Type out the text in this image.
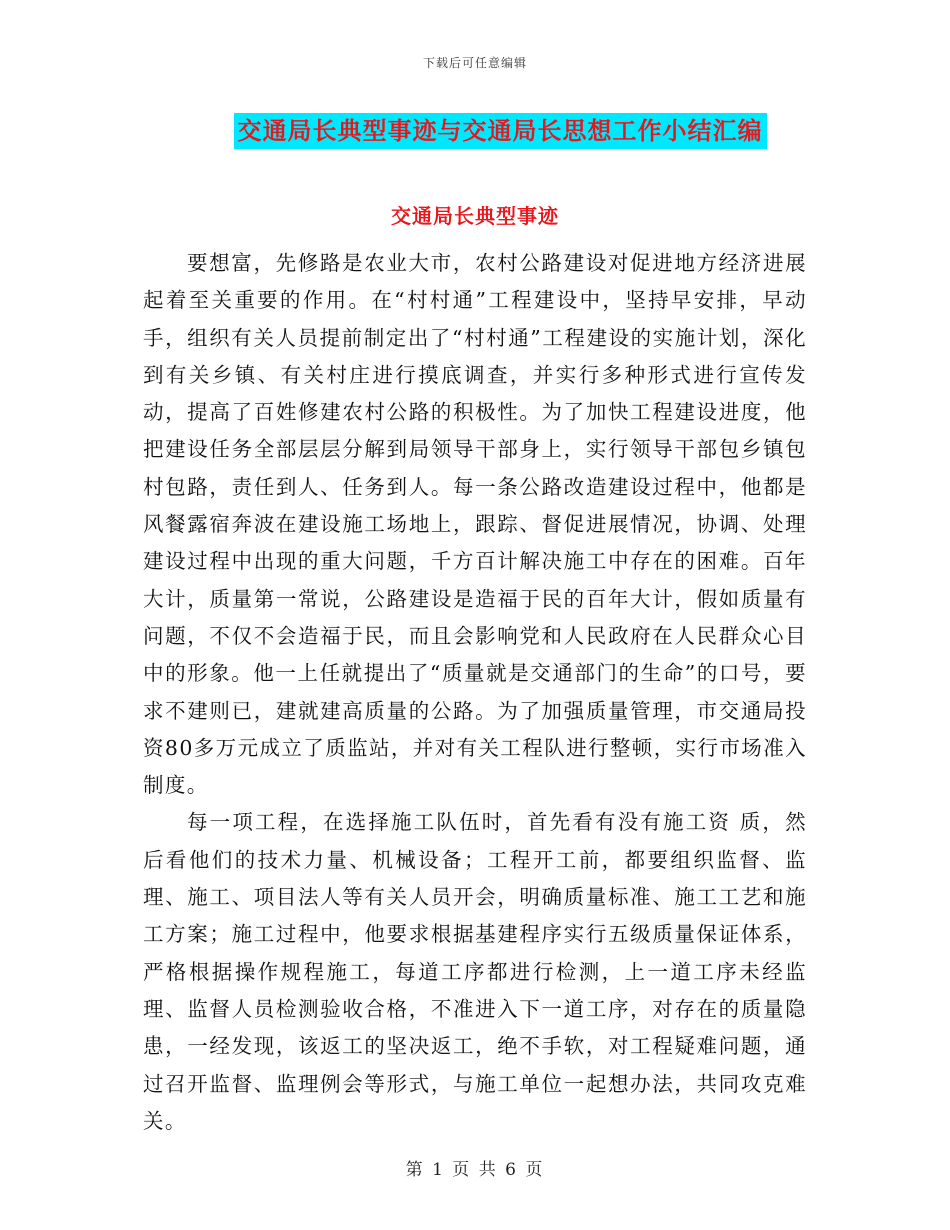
下载后可任意编辑
交通局长典型事迹与交通局长思想工作小结汇编
交通局长典型事迹

要想富，先修路是农业大市，农村公路建设对促进地方经济进展起着至关重要的作用。在“村村通”工程建设中，坚持早安排，早动手，组织有关人员提前制定出了“村村通”工程建设的实施计划，深化到有关乡镇、有关村庄进行摸底调查，并实行多种形式进行宣传发动，提高了百姓修建农村公路的积极性。为了加快工程建设进度，他把建设任务全部层层分解到局领导干部身上，实行领导干部包乡镇包村包路，责任到人、任务到人。每一条公路改造建设过程中，他都是风餐露宿奔波在建设施工场地上，跟踪、督促进展情况，协调、处理建设过程中出现的重大问题，千方百计解决施工中存在的困难。百年大计，质量第一常说，公路建设是造福于民的百年大计，假如质量有问题，不仅不会造福于民，而且会影响党和人民政府在人民群众心目中的形象。他一上任就提出了“质量就是交通部门的生命”的口号，要求不建则已，建就建高质量的公路。为了加强质量管理，市交通局投资80多万元成立了质监站，并对有关工程队进行整顿，实行市场准入制度。

每一项工程，在选择施工队伍时，首先看有没有施工资 质，然后看他们的技术力量、机械设备；工程开工前，都要组织监督、监理、施工、项目法人等有关人员开会，明确质量标准、施工工艺和施工方案；施工过程中，他要求根据基建程序实行五级质量保证体系，严格根据操作规程施工，每道工序都进行检测，上一道工序未经监理、监督人员检测验收合格，不准进入下一道工序，对存在的质量隐患，一经发现，该返工的坚决返工，绝不手软，对工程疑难问题，通过召开监督、监理例会等形式，与施工单位一起想办法，共同攻克难关。

第 1 页 共 6 页
